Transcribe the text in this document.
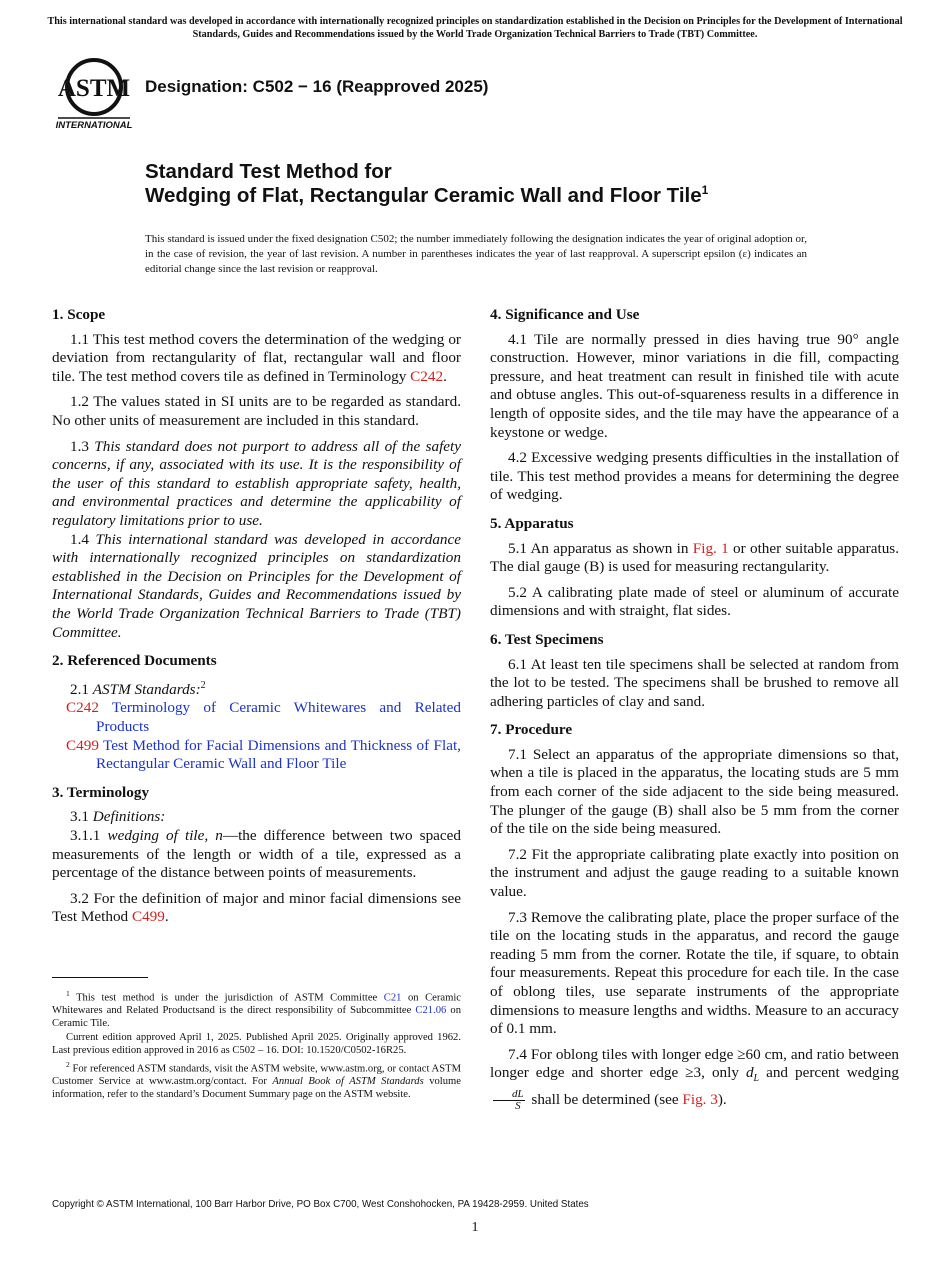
This international standard was developed in accordance with internationally recognized principles on standardization established in the Decision on Principles for the Development of International Standards, Guides and Recommendations issued by the World Trade Organization Technical Barriers to Trade (TBT) Committee.
ASTM
INTERNATIONAL
Designation: C502 − 16 (Reapproved 2025)
Standard Test Method for
Wedging of Flat, Rectangular Ceramic Wall and Floor Tile$^1$
This standard is issued under the fixed designation C502; the number immediately following the designation indicates the year of original adoption or, in the case of revision, the year of last revision. A number in parentheses indicates the year of last reapproval. A superscript epsilon (ε) indicates an editorial change since the last revision or reapproval.
1. Scope

1.1 This test method covers the determination of the wedging or deviation from rectangularity of flat, rectangular wall and floor tile. The test method covers tile as defined in Terminology C242.

1.2 The values stated in SI units are to be regarded as standard. No other units of measurement are included in this standard.

1.3 This standard does not purport to address all of the safety concerns, if any, associated with its use. It is the responsibility of the user of this standard to establish appropriate safety, health, and environmental practices and determine the applicability of regulatory limitations prior to use.

1.4 This international standard was developed in accordance with internationally recognized principles on standardization established in the Decision on Principles for the Development of International Standards, Guides and Recommendations issued by the World Trade Organization Technical Barriers to Trade (TBT) Committee.

2. Referenced Documents

2.1 ASTM Standards:$^2$

C242 Terminology of Ceramic Whitewares and Related Products
C499 Test Method for Facial Dimensions and Thickness of Flat, Rectangular Ceramic Wall and Floor Tile
3. Terminology

3.1 Definitions:

3.1.1 wedging of tile, n—the difference between two spaced measurements of the length or width of a tile, expressed as a percentage of the distance between points of measurements.

3.2 For the definition of major and minor facial dimensions see Test Method C499.

4. Significance and Use

4.1 Tile are normally pressed in dies having true 90° angle construction. However, minor variations in die fill, compacting pressure, and heat treatment can result in finished tile with acute and obtuse angles. This out-of-squareness results in a difference in length of opposite sides, and the tile may have the appearance of a keystone or wedge.

4.2 Excessive wedging presents difficulties in the installation of tile. This test method provides a means for determining the degree of wedging.

5. Apparatus

5.1 An apparatus as shown in Fig. 1 or other suitable apparatus. The dial gauge (B) is used for measuring rectangularity.

5.2 A calibrating plate made of steel or aluminum of accurate dimensions and with straight, flat sides.

6. Test Specimens

6.1 At least ten tile specimens shall be selected at random from the lot to be tested. The specimens shall be brushed to remove all adhering particles of clay and sand.

7. Procedure

7.1 Select an apparatus of the appropriate dimensions so that, when a tile is placed in the apparatus, the locating studs are 5 mm from each corner of the side adjacent to the side being measured. The plunger of the gauge (B) shall also be 5 mm from the corner of the tile on the side being measured.

7.2 Fit the appropriate calibrating plate exactly into position on the instrument and adjust the gauge reading to a suitable known value.

7.3 Remove the calibrating plate, place the proper surface of the tile on the locating studs in the apparatus, and record the gauge reading 5 mm from the corner. Rotate the tile, if square, to obtain four measurements. Repeat this procedure for each tile. In the case of oblong tiles, use separate instruments of the appropriate dimensions to measure lengths and widths. Measure to an accuracy of 0.1 mm.

7.4 For oblong tiles with longer edge ≥60 cm, and ratio between longer edge and shorter edge ≥3, only $d_L$ and percent wedging
$\frac{dL}{S}$ shall be determined (see Fig. 3).

$^1$ This test method is under the jurisdiction of ASTM Committee C21 on Ceramic Whitewares and Related Productsand is the direct responsibility of Subcommittee C21.06 on Ceramic Tile.

Current edition approved April 1, 2025. Published April 2025. Originally approved 1962. Last previous edition approved in 2016 as C502 – 16. DOI: 10.1520/C0502-16R25.

$^2$ For referenced ASTM standards, visit the ASTM website, www.astm.org, or contact ASTM Customer Service at www.astm.org/contact. For Annual Book of ASTM Standards volume information, refer to the standard’s Document Summary page on the ASTM website.

Copyright © ASTM International, 100 Barr Harbor Drive, PO Box C700, West Conshohocken, PA 19428-2959. United States
1
